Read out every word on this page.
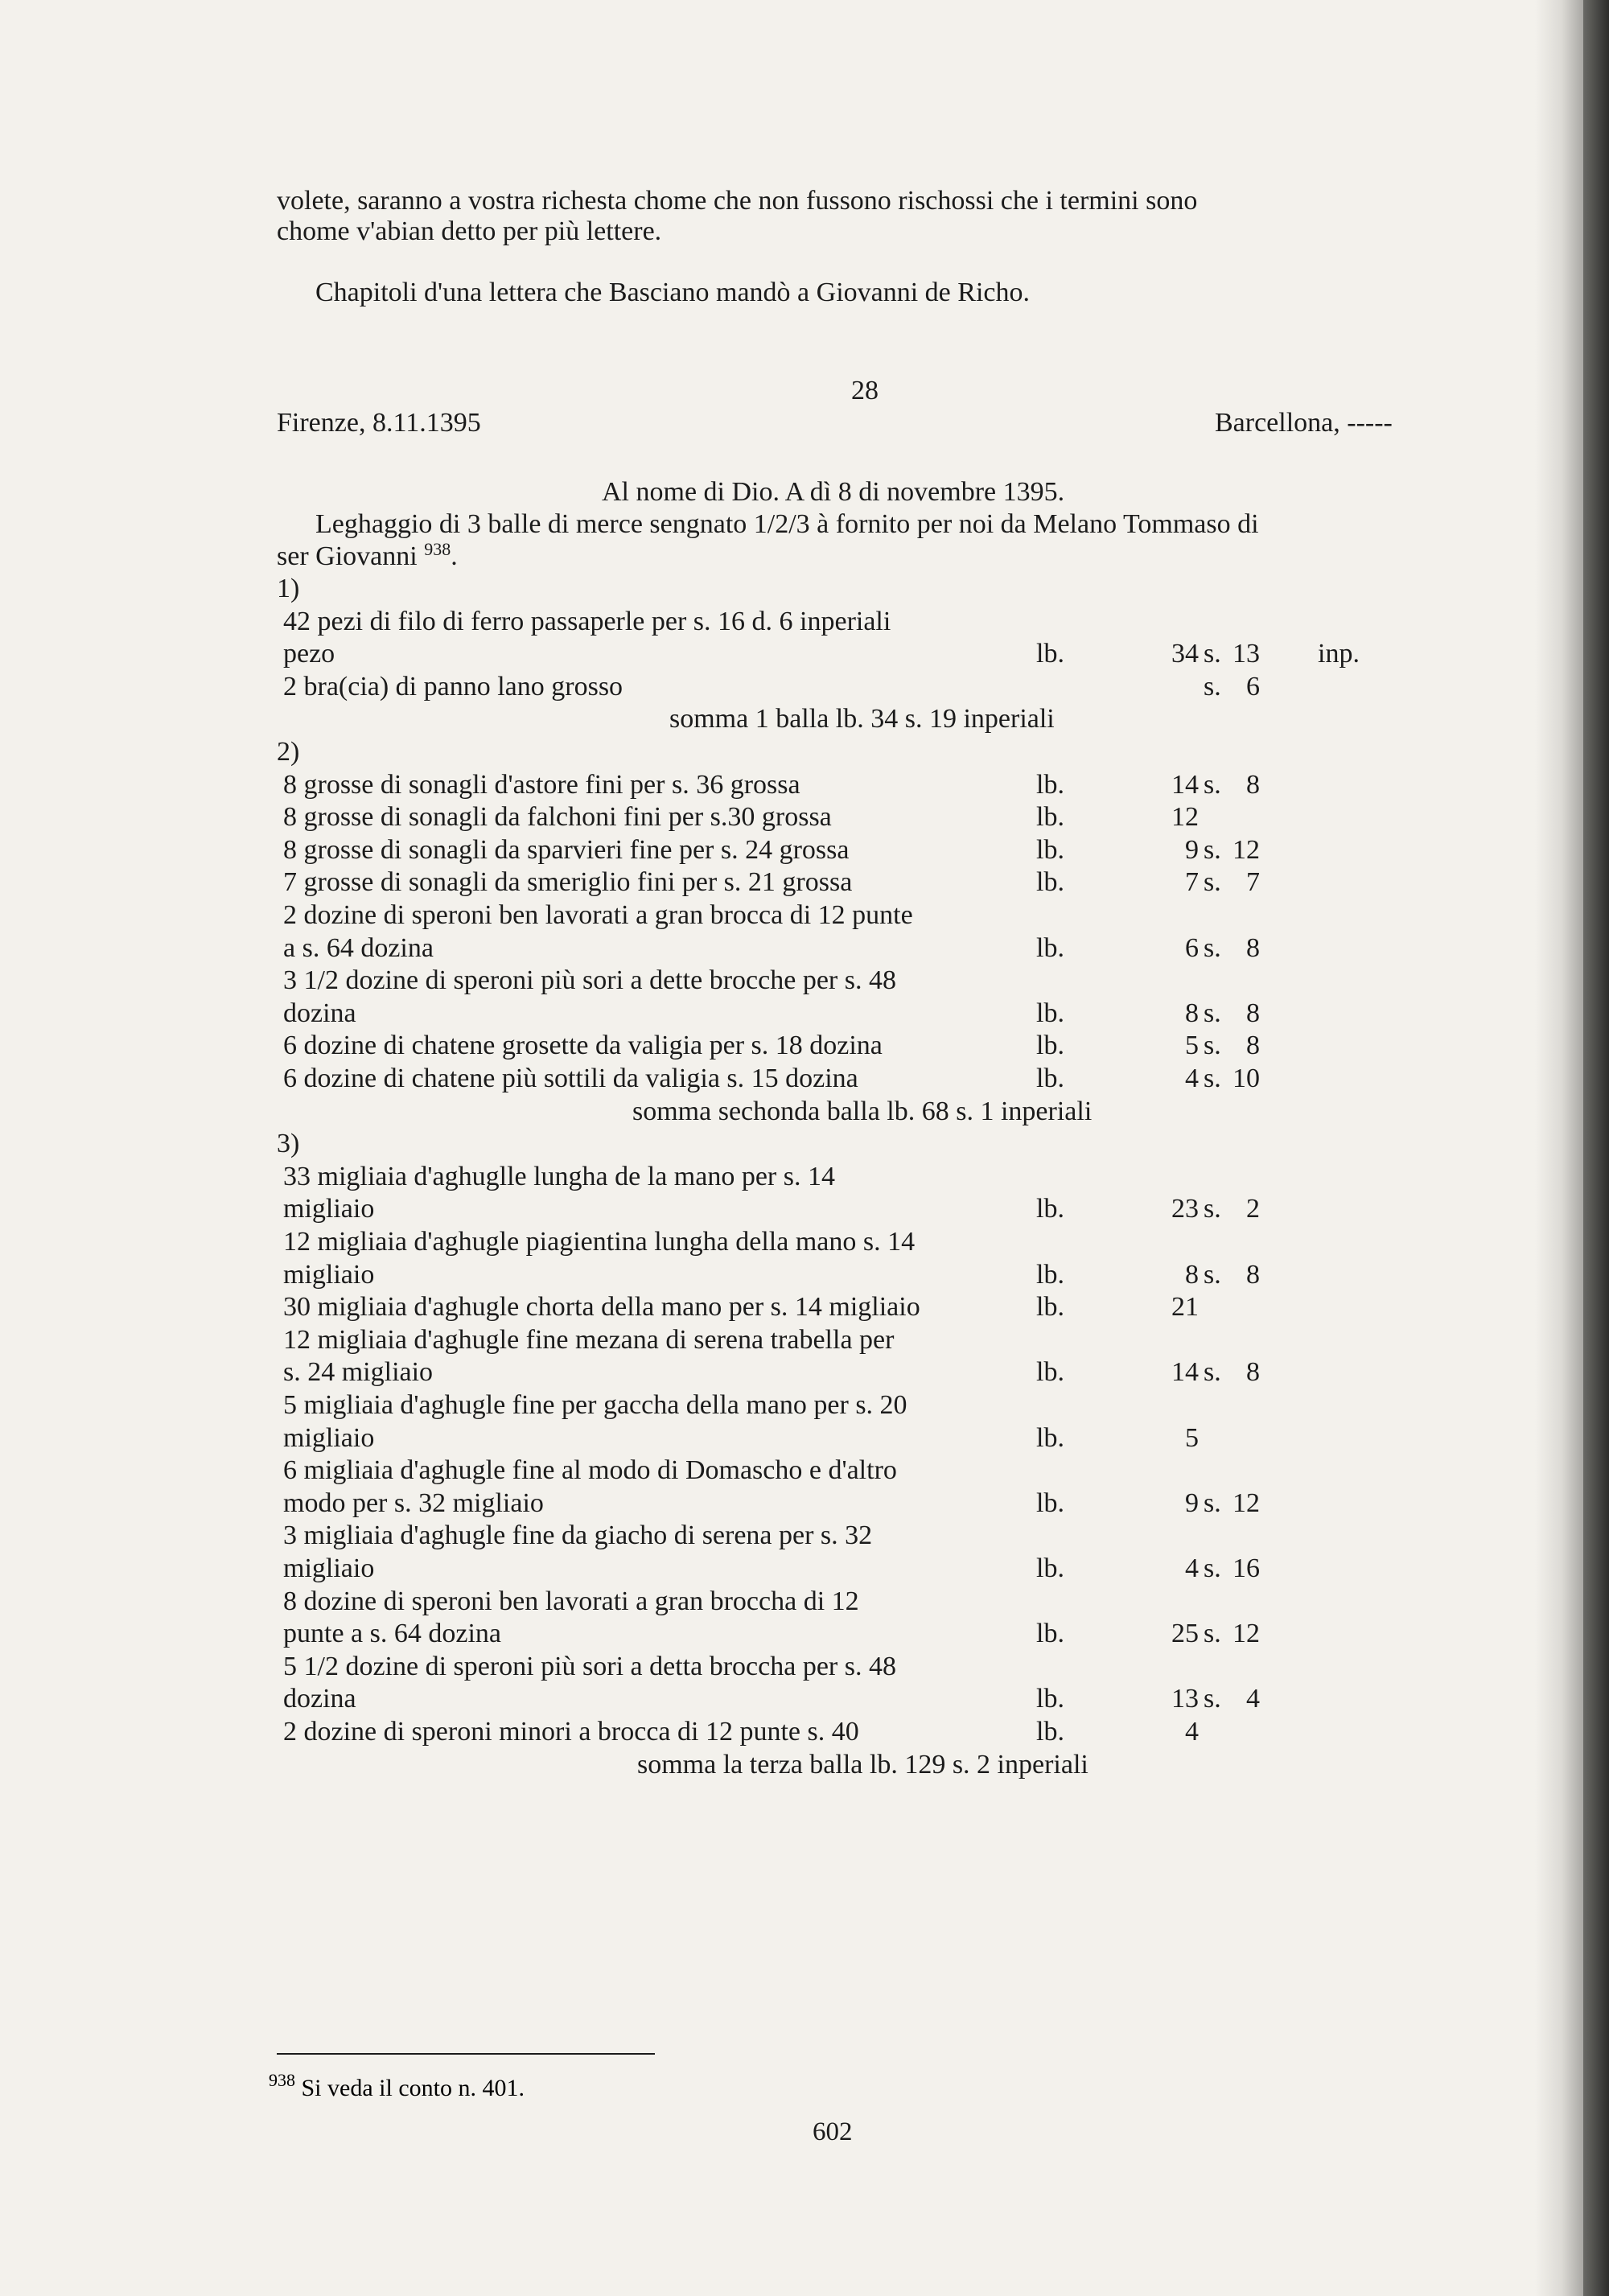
volete, saranno a vostra richesta chome che non fussono rischossi che i termini sono
chome v'abian detto per più lettere.
Chapitoli d'una lettera che Basciano mandò a Giovanni de Richo.
28
Firenze, 8.11.1395	Barcellona, -----
Al nome di Dio. A dì 8 di novembre 1395.
Leghaggio di 3 balle di merce sengnato 1/2/3 à fornito per noi da Melano Tommaso di
ser Giovanni $^{938}$.
602
1)
42 pezi di filo di ferro passaperle per s. 16 d. 6 inperiali
pezo	lb.	34 s. 13 inp.
2 bra(cia) di panno lano grosso	s. 6
somma 1 balla lb. 34 s. 19 inperiali
2)
8 grosse di sonagli d'astore fini per s. 36 grossa	lb.	14 s. 8
8 grosse di sonagli da falchoni fini per s.30 grossa	lb.	12
8 grosse di sonagli da sparvieri fine per s. 24 grossa	lb.	9 s. 12
7 grosse di sonagli da smeriglio fini per s. 21 grossa	lb.	7 s. 7
2 dozine di speroni ben lavorati a gran brocca di 12 punte
a s. 64 dozina	lb.	6 s. 8
3 1/2 dozine di speroni più sori a dette brocche per s. 48
dozina	lb.	8 s. 8
6 dozine di chatene grosette da valigia per s. 18 dozina	lb.	5 s. 8
6 dozine di chatene più sottili da valigia s. 15 dozina	lb.	4 s. 10
somma sechonda balla lb. 68 s. 1 inperiali
3)
33 migliaia d'aghuglle lungha de la mano per s. 14
migliaio	lb.	23 s. 2
12 migliaia d'aghugle piagientina lungha della mano s. 14
migliaio	lb.	8 s. 8
30 migliaia d'aghugle chorta della mano per s. 14 migliaio	lb.	21
12 migliaia d'aghugle fine mezana di serena trabella per
s. 24 migliaio	lb.	14 s. 8
5 migliaia d'aghugle fine per gaccha della mano per s. 20
migliaio	lb.	5
6 migliaia d'aghugle fine al modo di Domascho e d'altro
modo per s. 32 migliaio	lb.	9 s. 12
3 migliaia d'aghugle fine da giacho di serena per s. 32
migliaio	lb.	4 s. 16
8 dozine di speroni ben lavorati a gran broccha di 12
punte a s. 64 dozina	lb.	25 s. 12
5 1/2 dozine di speroni più sori a detta broccha per s. 48
dozina	lb.	13 s. 4
2 dozine di speroni minori a brocca di 12 punte s. 40	lb.	4
somma la terza balla lb. 129 s. 2 inperiali
$^{938}$ Si veda il conto n. 401.
